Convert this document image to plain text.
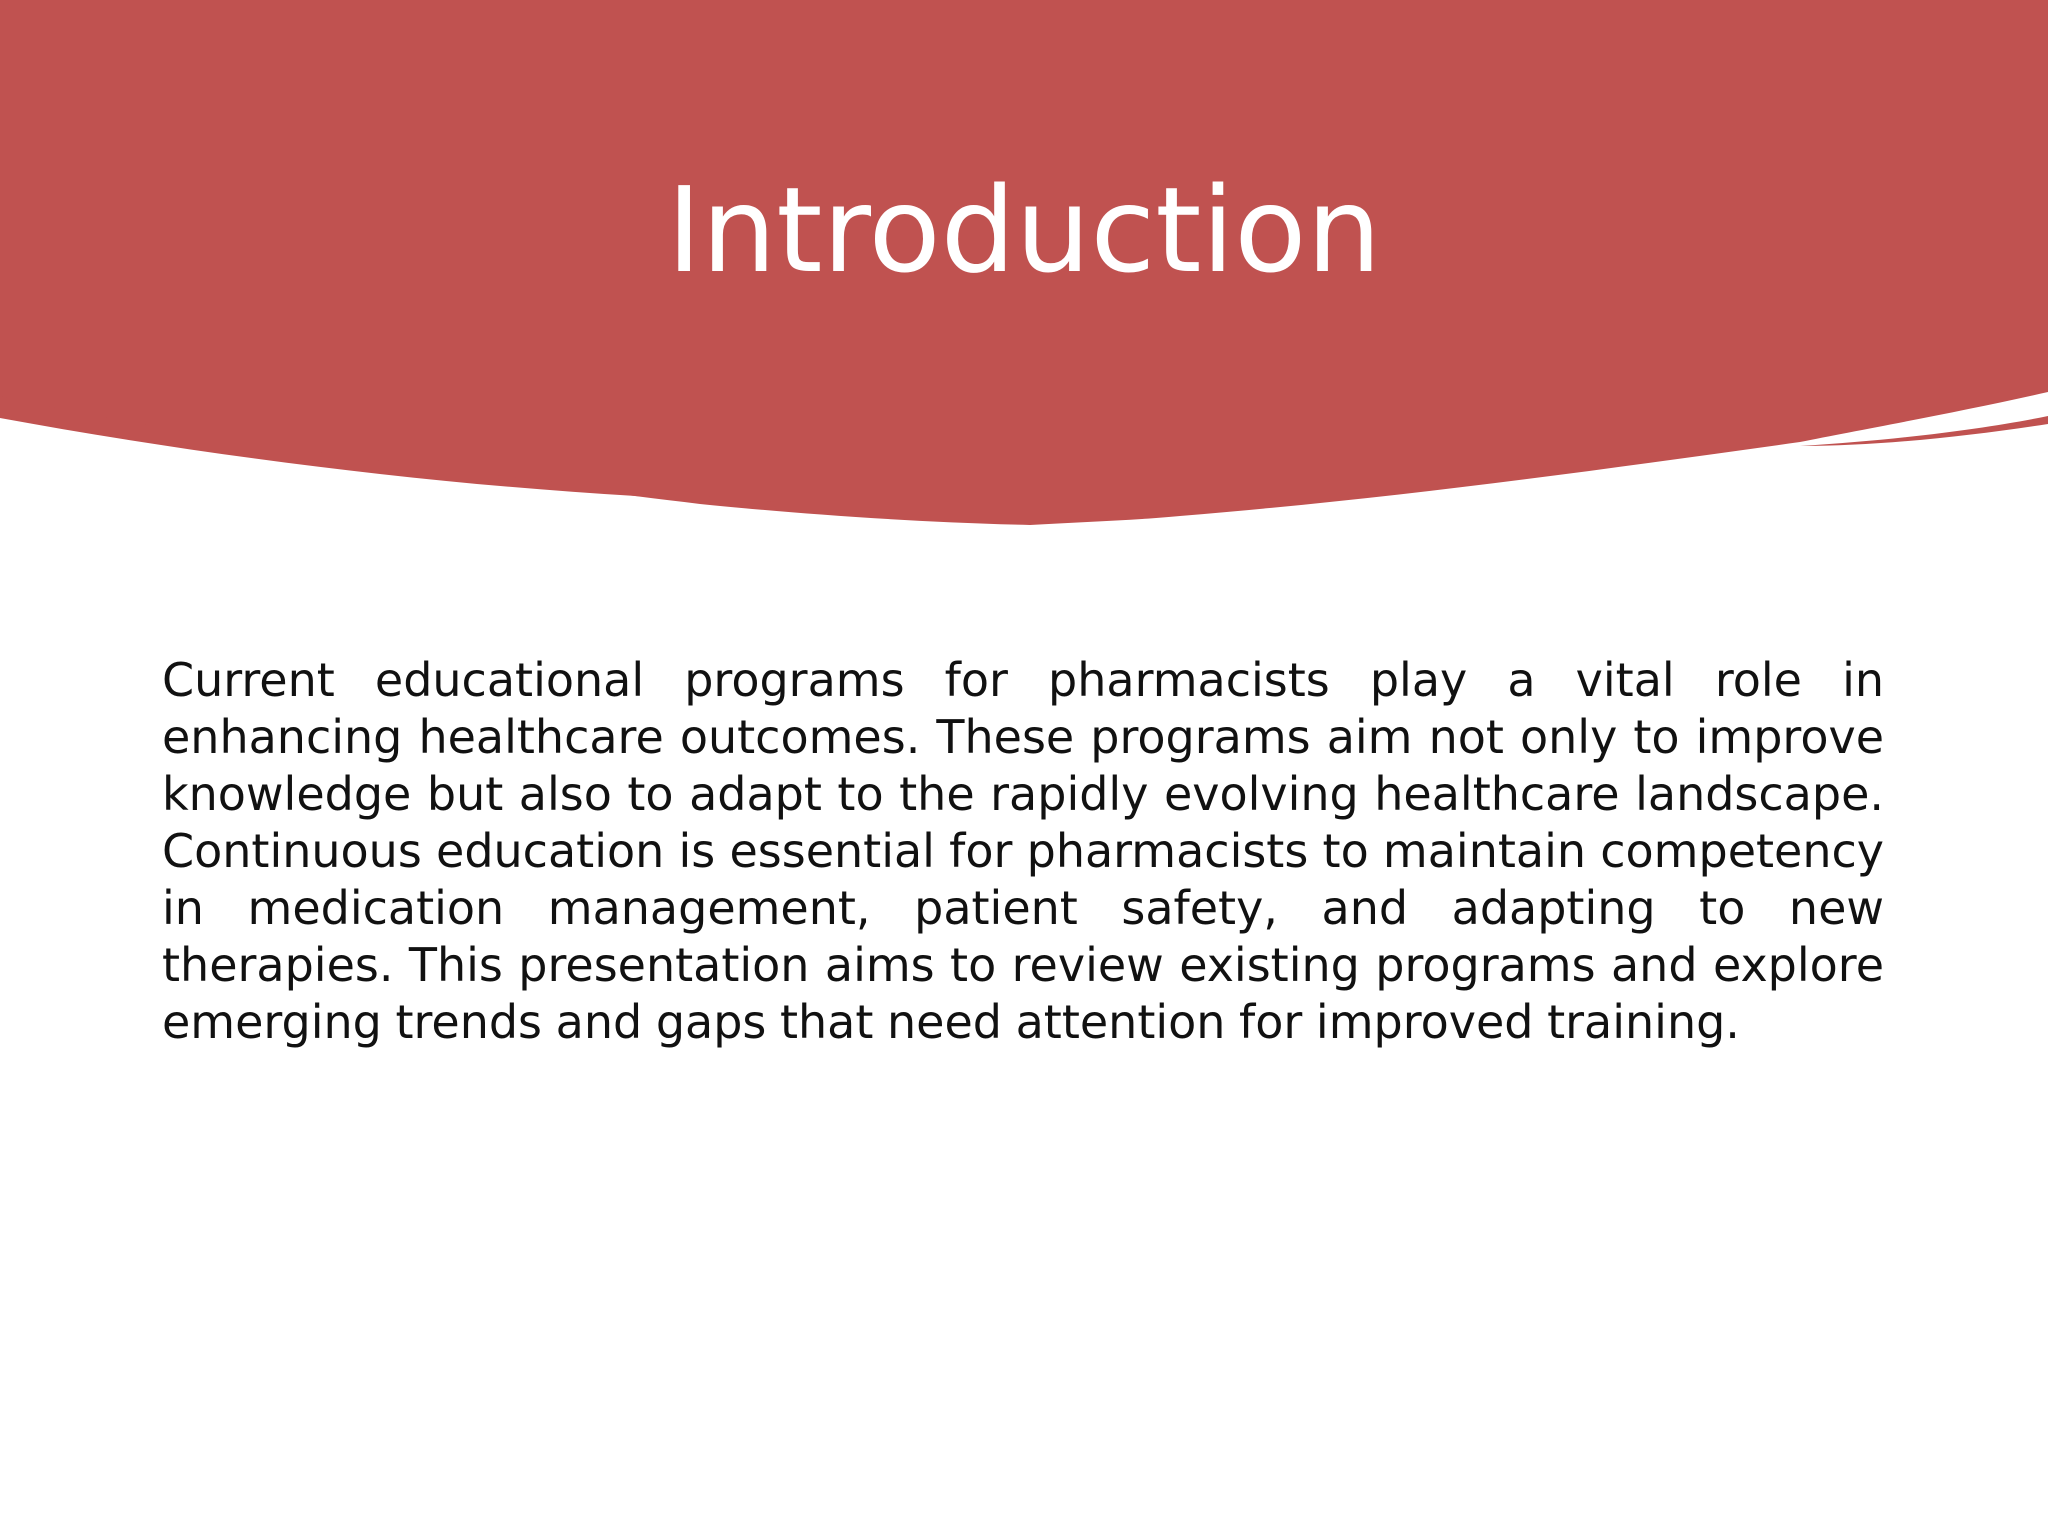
Introduction

Current educational programs for pharmacists play a vital role in enhancing healthcare outcomes. These programs aim not only to improve knowledge but also to adapt to the rapidly evolving healthcare landscape. Continuous education is essential for pharmacists to maintain competency in medication management, patient safety, and adapting to new therapies. This presentation aims to review existing programs and explore emerging trends and gaps that need attention for improved training.
